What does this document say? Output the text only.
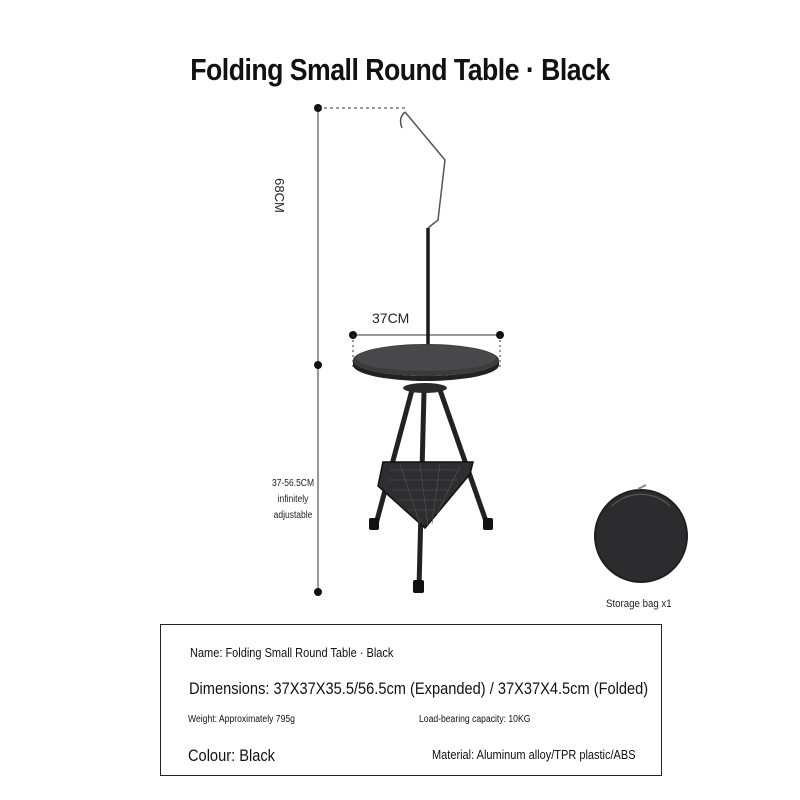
Folding Small Round Table · Black
68CM
37CM
37-56.5CM
infinitely
adjustable
Storage bag x1
Name: Folding Small Round Table · Black
Dimensions: 37X37X35.5/56.5cm (Expanded) / 37X37X4.5cm (Folded)
Weight: Approximately 795g	Load-bearing capacity: 10KG
Colour: Black	Material: Aluminum alloy/TPR plastic/ABS
